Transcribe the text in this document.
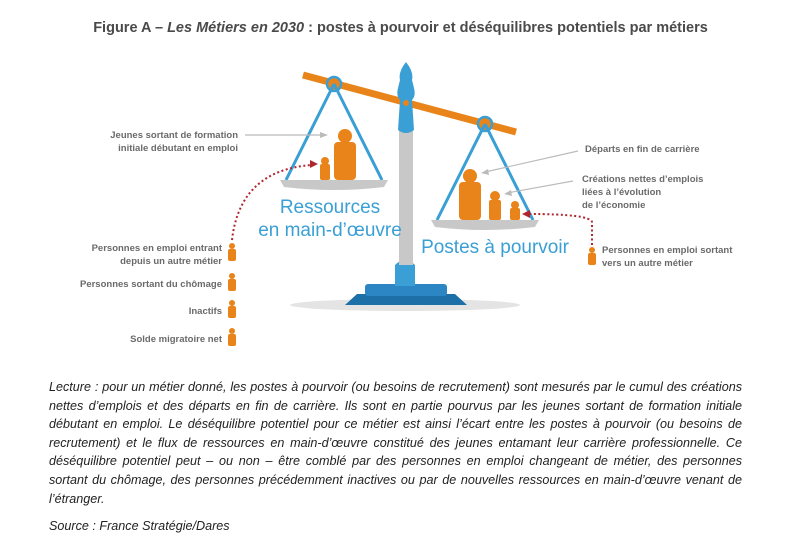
Figure A – Les Métiers en 2030 : postes à pourvoir et déséquilibres potentiels par métiers
Ressources
en main-d’œuvre
Postes à pourvoir
Jeunes sortant de formation
initiale débutant en emploi
Personnes en emploi entrant
depuis un autre métier
Personnes sortant du chômage
Inactifs
Solde migratoire net
Départs en fin de carrière
Créations nettes d’emplois
liées à l’évolution
de l’économie
Personnes en emploi sortant
vers un autre métier
Lecture : pour un métier donné, les postes à pourvoir (ou besoins de recrutement) sont mesurés par le cumul des créations nettes d’emplois et des départs en fin de carrière. Ils sont en partie pourvus par les jeunes sortant de formation initiale débutant en emploi. Le déséquilibre potentiel pour ce métier est ainsi l’écart entre les postes à pourvoir (ou besoins de recrutement) et le flux de ressources en main-d’œuvre constitué des jeunes entamant leur carrière professionnelle. Ce déséquilibre potentiel peut – ou non – être comblé par des personnes en emploi changeant de métier, des personnes sortant du chômage, des personnes précédemment inactives ou par de nouvelles ressources en main-d’œuvre venant de l’étranger.
Source : France Stratégie/Dares
